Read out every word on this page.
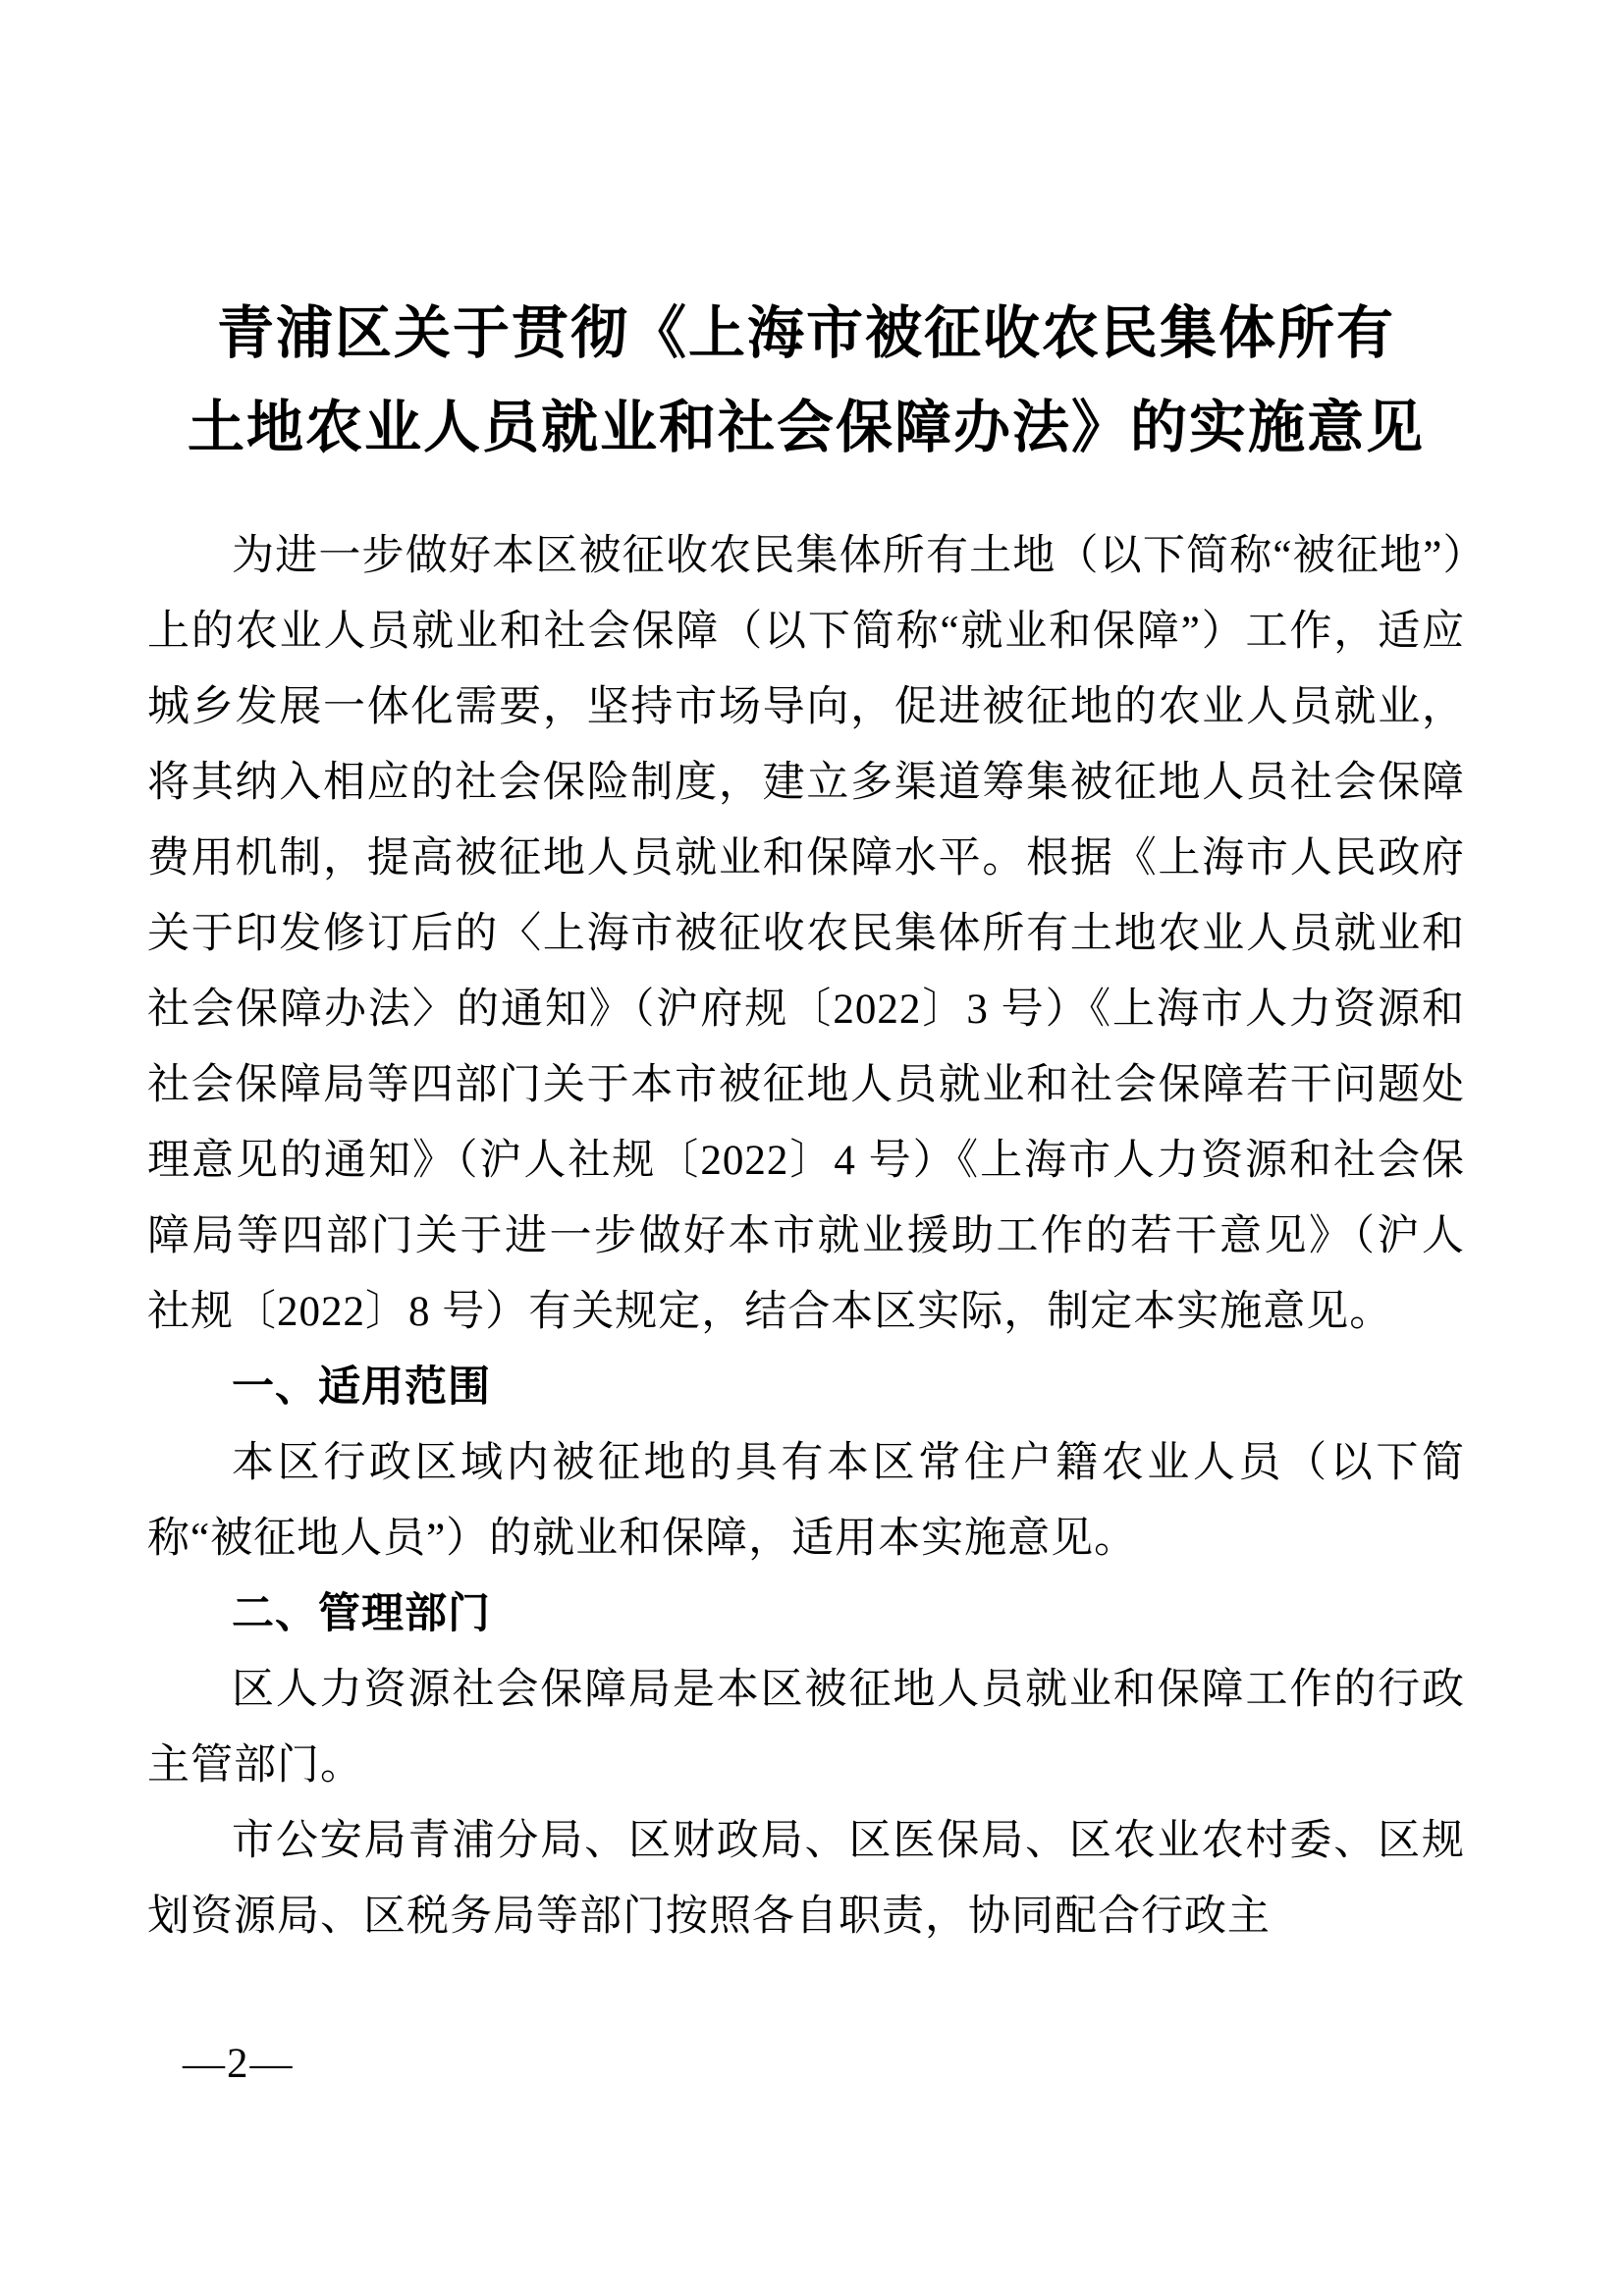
青浦区关于贯彻《上海市被征收农民集体所有
土地农业人员就业和社会保障办法》的实施意见

为进一步做好本区被征收农民集体所有土地（以下简称“被征地”）上的农业人员就业和社会保障（以下简称“就业和保障”）工作，适应城乡发展一体化需要，坚持市场导向，促进被征地的农业人员就业，将其纳入相应的社会保险制度，建立多渠道筹集被征地人员社会保障费用机制，提高被征地人员就业和保障水平。根据《上海市人民政府关于印发修订后的〈上海市被征收农民集体所有土地农业人员就业和社会保障办法〉的通知》（沪府规〔2022〕3 号）《上海市人力资源和社会保障局等四部门关于本市被征地人员就业和社会保障若干问题处理意见的通知》（沪人社规〔2022〕4 号）《上海市人力资源和社会保障局等四部门关于进一步做好本市就业援助工作的若干意见》（沪人社规〔2022〕8 号）有关规定，结合本区实际，制定本实施意见。

一、适用范围

本区行政区域内被征地的具有本区常住户籍农业人员（以下简称“被征地人员”）的就业和保障，适用本实施意见。

二、管理部门

区人力资源社会保障局是本区被征地人员就业和保障工作的行政主管部门。

市公安局青浦分局、区财政局、区医保局、区农业农村委、区规划资源局、区税务局等部门按照各自职责，协同配合行政主

—2—
